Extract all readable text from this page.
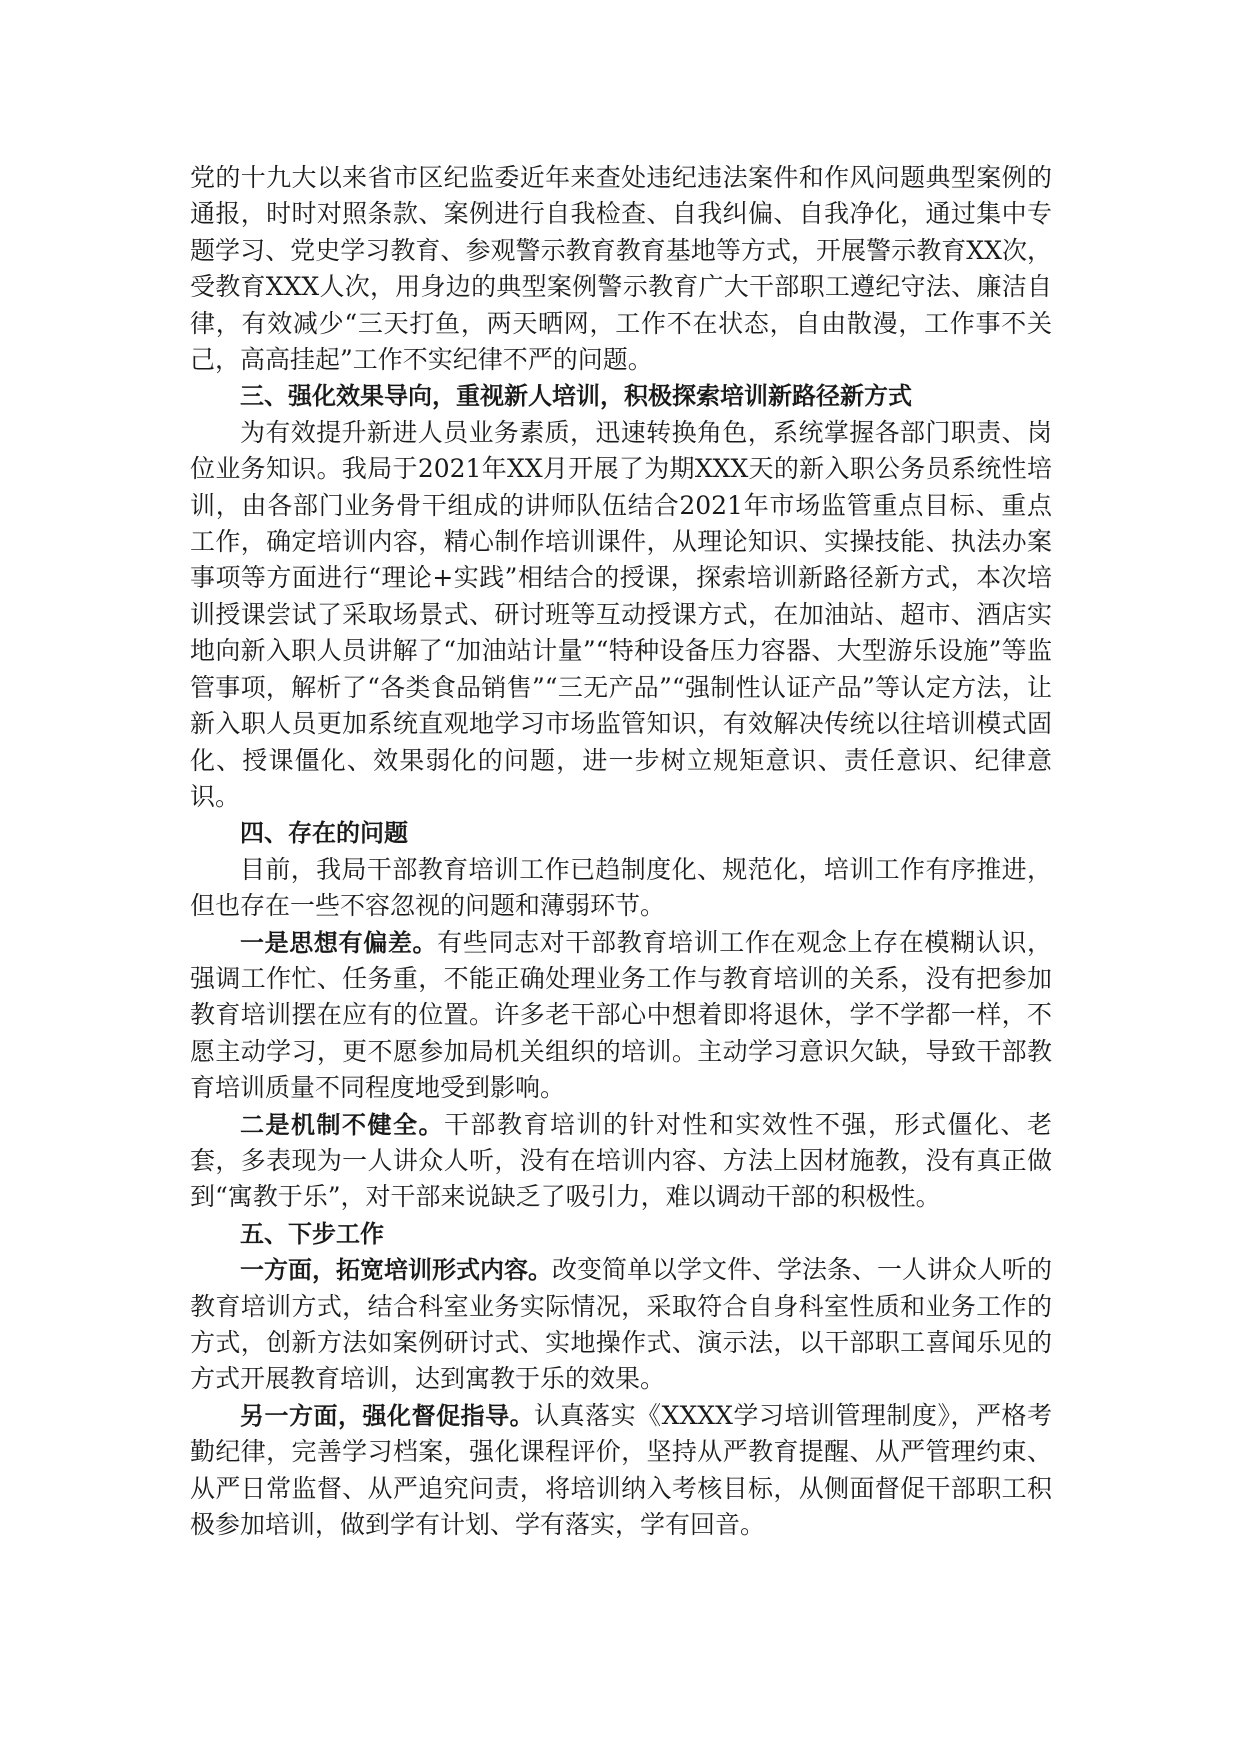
党的十九大以来省市区纪监委近年来查处违纪违法案件和作风问题典型案例的通报，时时对照条款、案例进行自我检查、自我纠偏、自我净化，通过集中专题学习、党史学习教育、参观警示教育教育基地等方式，开展警示教育XX次，受教育XXX人次，用身边的典型案例警示教育广大干部职工遵纪守法、廉洁自律，有效减少“三天打鱼，两天晒网，工作不在状态，自由散漫，工作事不关己，高高挂起”工作不实纪律不严的问题。

三、强化效果导向，重视新人培训，积极探索培训新路径新方式

为有效提升新进人员业务素质，迅速转换角色，系统掌握各部门职责、岗位业务知识。我局于2021年XX月开展了为期XXX天的新入职公务员系统性培训，由各部门业务骨干组成的讲师队伍结合2021年市场监管重点目标、重点工作，确定培训内容，精心制作培训课件，从理论知识、实操技能、执法办案事项等方面进行“理论+实践”相结合的授课，探索培训新路径新方式，本次培训授课尝试了采取场景式、研讨班等互动授课方式，在加油站、超市、酒店实地向新入职人员讲解了“加油站计量”“特种设备压力容器、大型游乐设施”等监管事项，解析了“各类食品销售”“三无产品”“强制性认证产品”等认定方法，让新入职人员更加系统直观地学习市场监管知识，有效解决传统以往培训模式固化、授课僵化、效果弱化的问题，进一步树立规矩意识、责任意识、纪律意识。

四、存在的问题

目前，我局干部教育培训工作已趋制度化、规范化，培训工作有序推进，但也存在一些不容忽视的问题和薄弱环节。

一是思想有偏差。有些同志对干部教育培训工作在观念上存在模糊认识，强调工作忙、任务重，不能正确处理业务工作与教育培训的关系，没有把参加教育培训摆在应有的位置。许多老干部心中想着即将退休，学不学都一样，不愿主动学习，更不愿参加局机关组织的培训。主动学习意识欠缺，导致干部教育培训质量不同程度地受到影响。

二是机制不健全。干部教育培训的针对性和实效性不强，形式僵化、老套，多表现为一人讲众人听，没有在培训内容、方法上因材施教，没有真正做到“寓教于乐”，对干部来说缺乏了吸引力，难以调动干部的积极性。

五、下步工作

一方面，拓宽培训形式内容。改变简单以学文件、学法条、一人讲众人听的教育培训方式，结合科室业务实际情况，采取符合自身科室性质和业务工作的方式，创新方法如案例研讨式、实地操作式、演示法，以干部职工喜闻乐见的方式开展教育培训，达到寓教于乐的效果。

另一方面，强化督促指导。认真落实《XXXX学习培训管理制度》，严格考勤纪律，完善学习档案，强化课程评价，坚持从严教育提醒、从严管理约束、从严日常监督、从严追究问责，将培训纳入考核目标，从侧面督促干部职工积极参加培训，做到学有计划、学有落实，学有回音。
